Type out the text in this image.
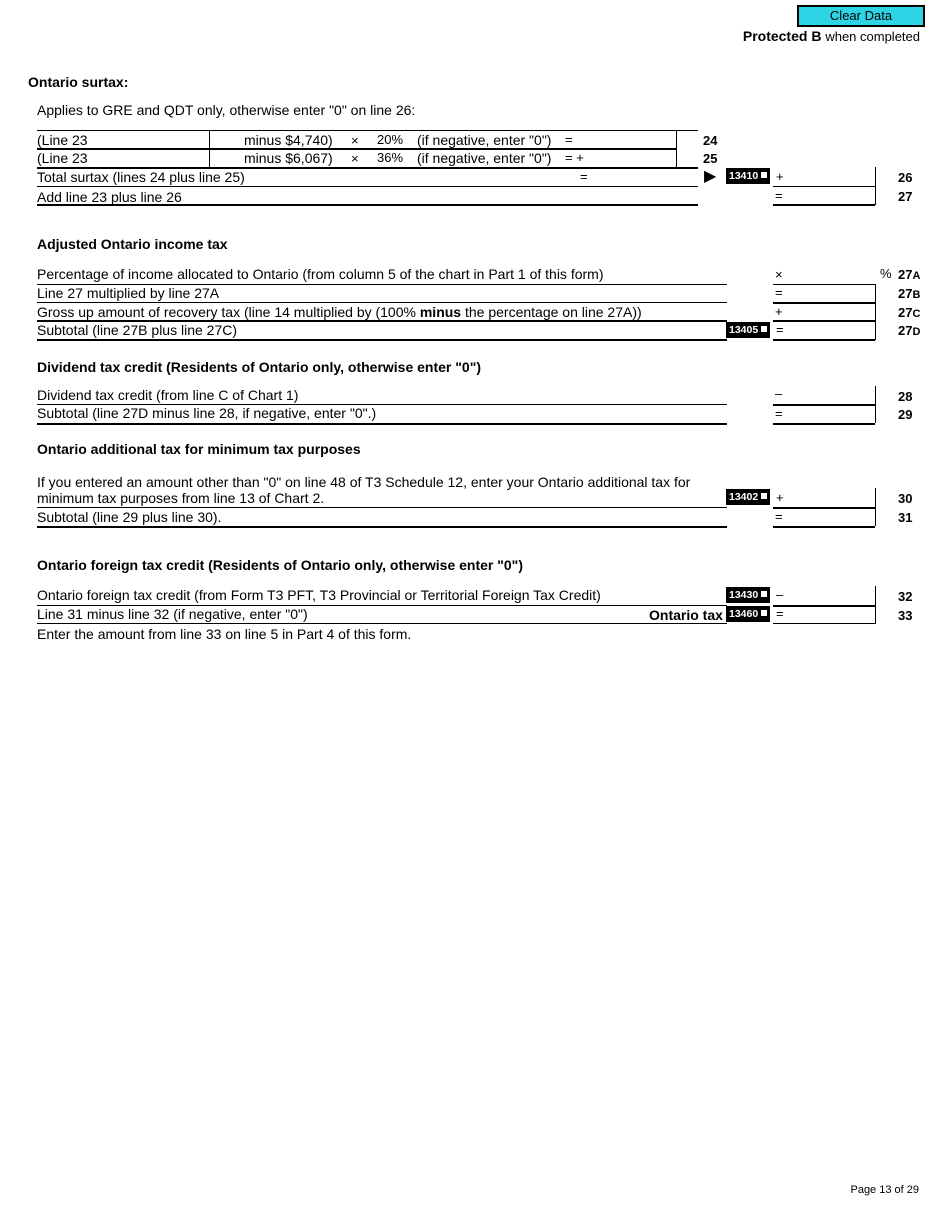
Clear Data
Protected B when completed
Ontario surtax:
Applies to GRE and QDT only, otherwise enter "0" on line 26:
(Line 23	minus $4,740) × 20% (if negative, enter "0") =	24
(Line 23	minus $6,067) × 36% (if negative, enter "0") = +	25
Total surtax (lines 24 plus line 25)	=	▶ 13410	+	26
Add line 23 plus line 26	=	27
Adjusted Ontario income tax
Percentage of income allocated to Ontario (from column 5 of the chart in Part 1 of this form)	×	% 27A
Line 27 multiplied by line 27A	=	27B
Gross up amount of recovery tax (line 14 multiplied by (100% minus the percentage on line 27A))	+	27C
Subtotal (line 27B plus line 27C)	13405	=	27D
Dividend tax credit (Residents of Ontario only, otherwise enter "0")
Dividend tax credit (from line C of Chart 1)	–	28
Subtotal (line 27D minus line 28, if negative, enter "0".)	=	29
Ontario additional tax for minimum tax purposes
If you entered an amount other than "0" on line 48 of T3 Schedule 12, enter your Ontario additional tax for
minimum tax purposes from line 13 of Chart 2.	13402	+	30
Subtotal (line 29 plus line 30).	=	31
Ontario foreign tax credit (Residents of Ontario only, otherwise enter "0")
Ontario foreign tax credit (from Form T3 PFT, T3 Provincial or Territorial Foreign Tax Credit)	13430	–	32
Line 31 minus line 32 (if negative, enter "0")	Ontario tax 13460	=	33
Enter the amount from line 33 on line 5 in Part 4 of this form.
Page 13 of 29
